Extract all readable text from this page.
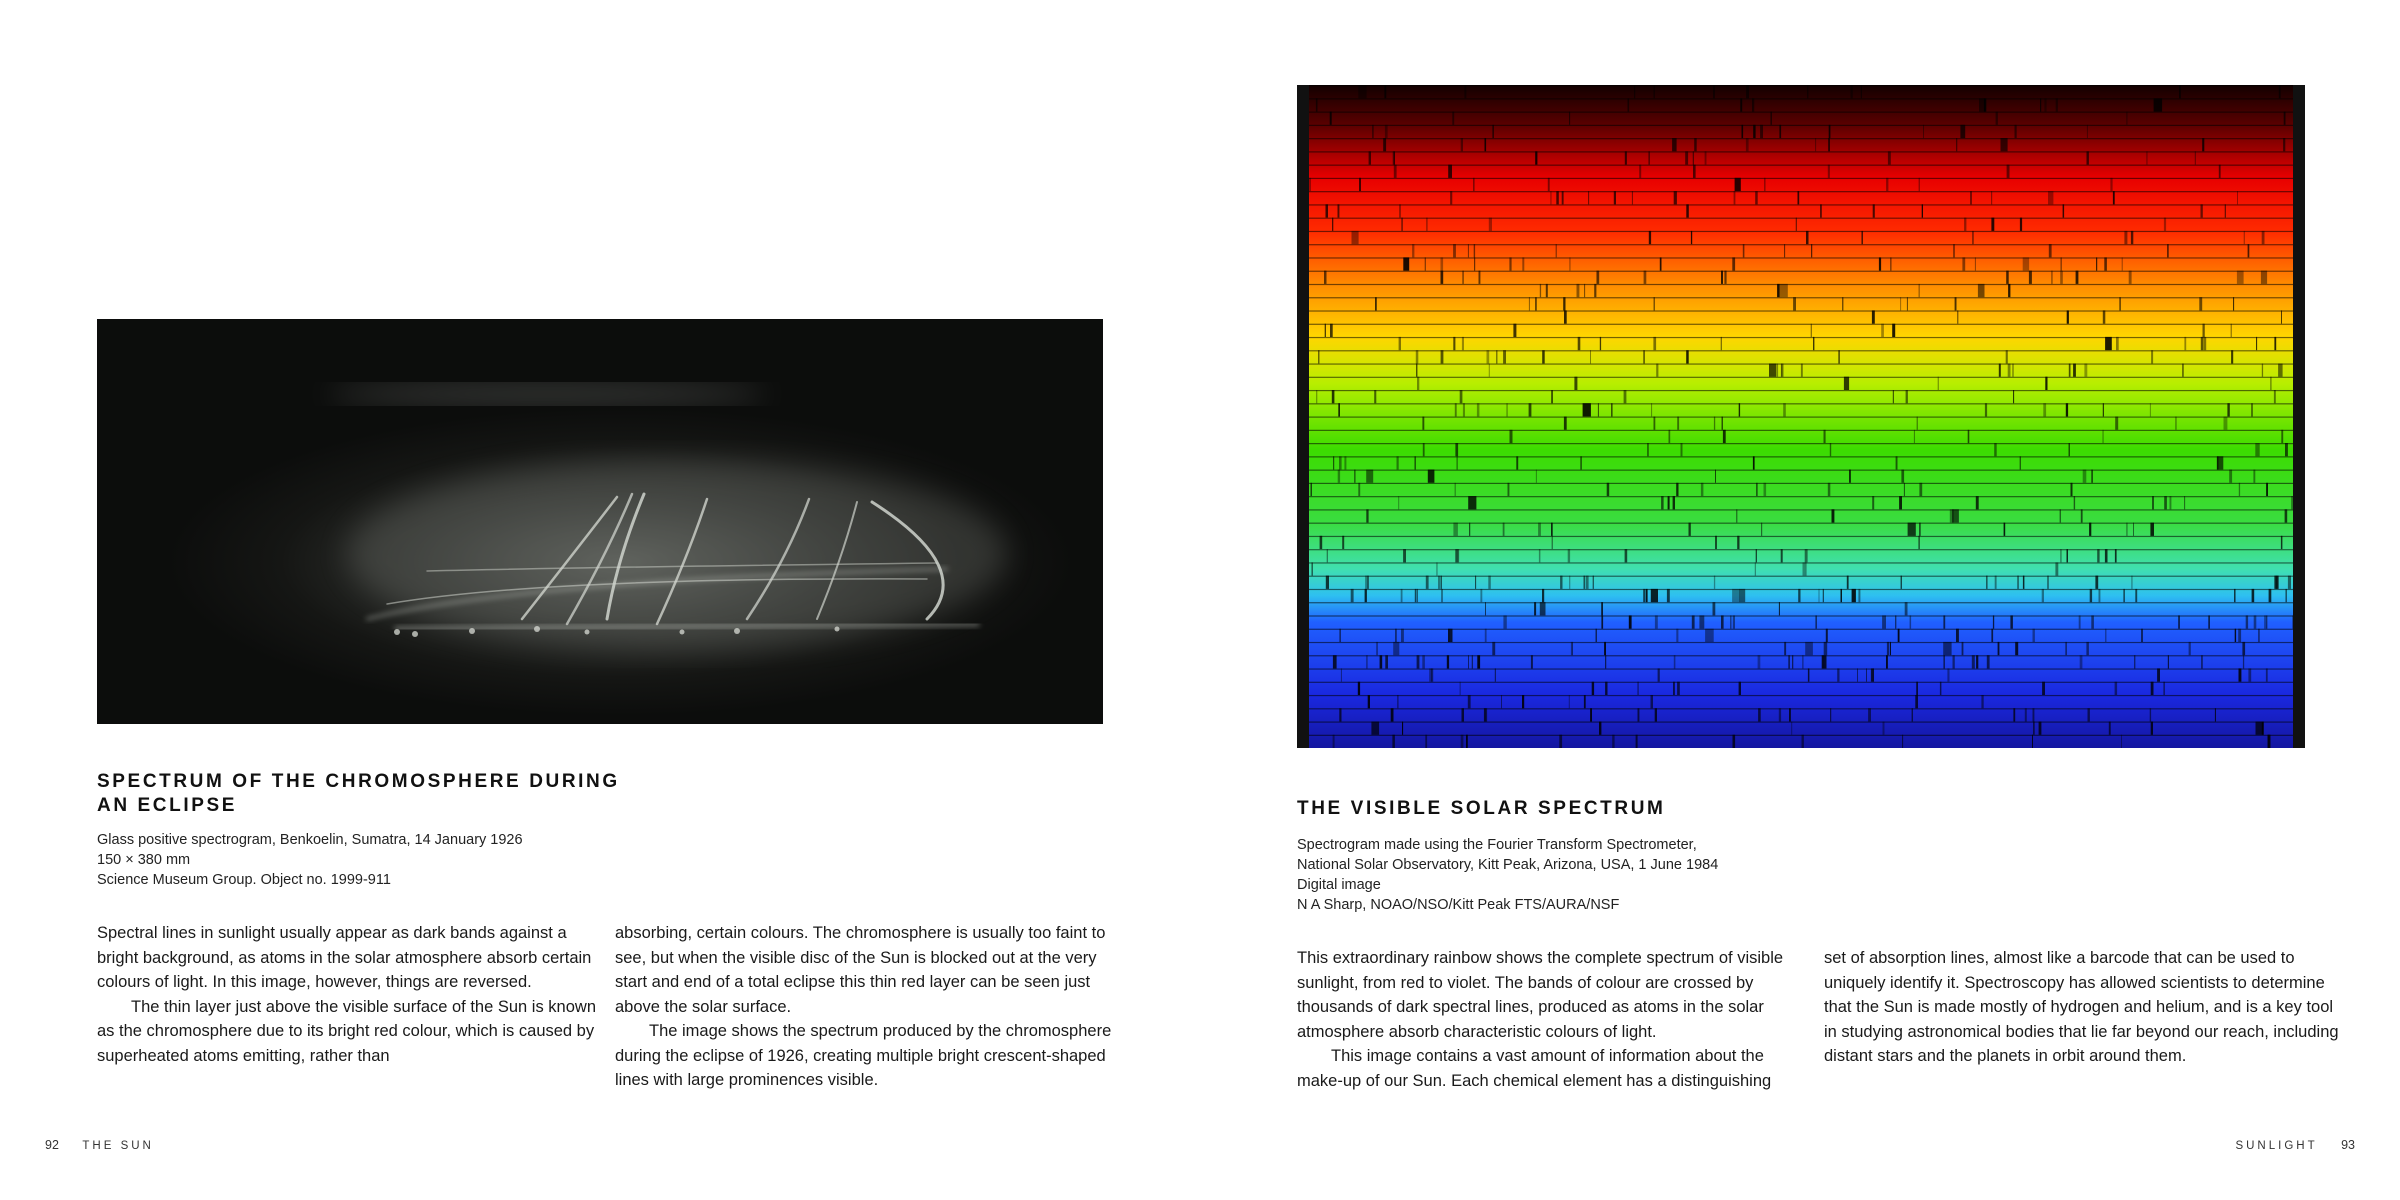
SPECTRUM OF THE CHROMOSPHERE DURING
AN ECLIPSE

Glass positive spectrogram, Benkoelin, Sumatra, 14 January 1926

150 × 380 mm

Science Museum Group. Object no. 1999-911

Spectral lines in sunlight usually appear as dark bands against a bright background, as atoms in the solar atmosphere absorb certain colours of light. In this image, however, things are reversed.

The thin layer just above the visible surface of the Sun is known as the chromosphere due to its bright red colour, which is caused by superheated atoms emitting, rather than

absorbing, certain colours. The chromosphere is usually too faint to see, but when the visible disc of the Sun is blocked out at the very start and end of a total eclipse this thin red layer can be seen just above the solar surface.

The image shows the spectrum produced by the chromosphere during the eclipse of 1926, creating multiple bright crescent-shaped lines with large prominences visible.

92 THE SUN
THE VISIBLE SOLAR SPECTRUM

Spectrogram made using the Fourier Transform Spectrometer,

National Solar Observatory, Kitt Peak, Arizona, USA, 1 June 1984

Digital image

N A Sharp, NOAO/NSO/Kitt Peak FTS/AURA/NSF

This extraordinary rainbow shows the complete spectrum of visible sunlight, from red to violet. The bands of colour are crossed by thousands of dark spectral lines, produced as atoms in the solar atmosphere absorb characteristic colours of light.

This image contains a vast amount of information about the make-up of our Sun. Each chemical element has a distinguishing

set of absorption lines, almost like a barcode that can be used to uniquely identify it. Spectroscopy has allowed scientists to determine that the Sun is made mostly of hydrogen and helium, and is a key tool in studying astronomical bodies that lie far beyond our reach, including distant stars and the planets in orbit around them.

SUNLIGHT 93
